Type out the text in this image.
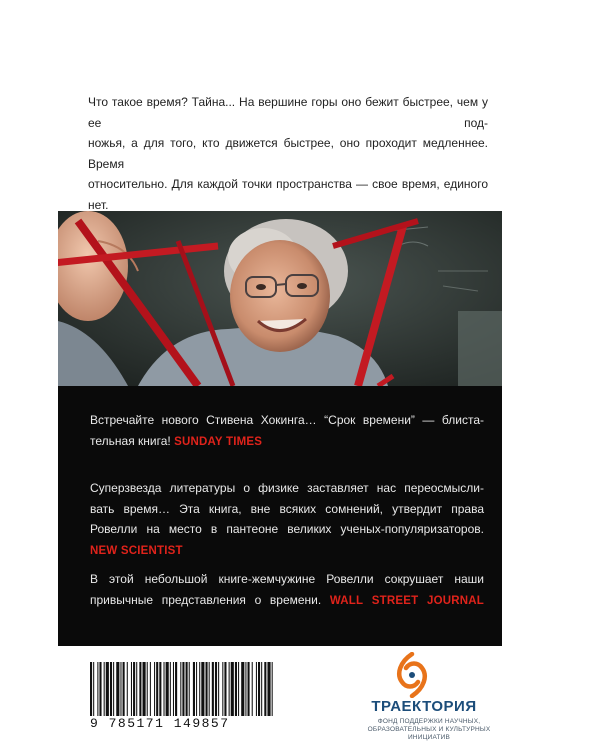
Что такое время? Тайна... На вершине горы оно бежит быстрее, чем у ее под-
ножья, а для того, кто движется быстрее, оно проходит медленнее. Время
относительно. Для каждой точки пространства — свое время, единого нет.
Встречайте нового Стивена Хокинга… “Срок времени” — блиста-
тельная книга! SUNDAY TIMES
Суперзвезда литературы о физике заставляет нас переосмысли-
вать время… Эта книга, вне всяких сомнений, утвердит права
Ровелли на место в пантеоне великих ученых-популяризаторов.
NEW SCIENTIST
В этой небольшой книге-жемчужине Ровелли сокрушает наши
привычные представления о времени. WALL STREET JOURNAL
9 785171 149857
ТРАЕКТОРИЯ
ФОНД ПОДДЕРЖКИ НАУЧНЫХ,
ОБРАЗОВАТЕЛЬНЫХ И КУЛЬТУРНЫХ
ИНИЦИАТИВ
